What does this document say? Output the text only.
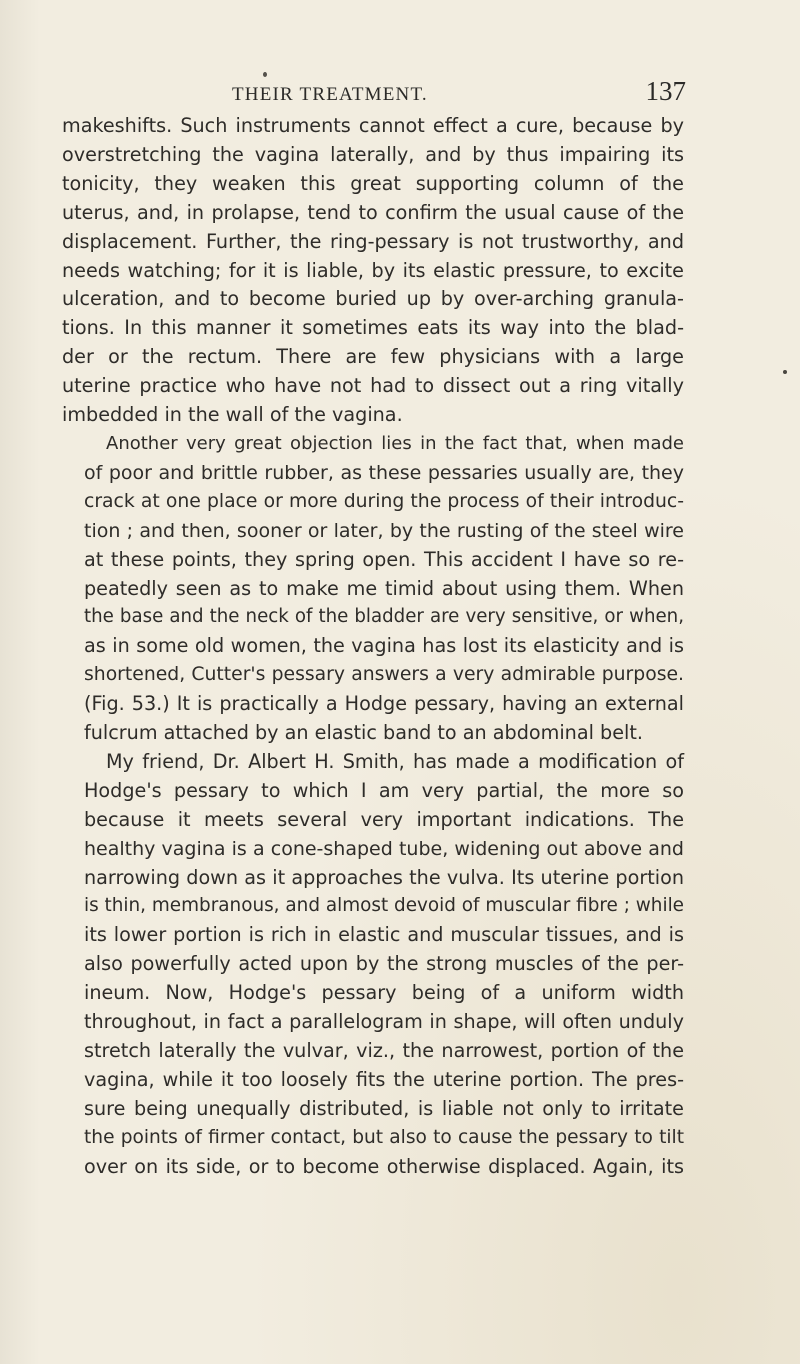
THEIR TREATMENT.	137

makeshifts. Such instruments cannot effect a cure, because by
overstretching the vagina laterally, and by thus impairing its
tonicity, they weaken this great supporting column of the
uterus, and, in prolapse, tend to confirm the usual cause of the
displacement. Further, the ring-pessary is not trustworthy, and
needs watching; for it is liable, by its elastic pressure, to excite
ulceration, and to become buried up by over-arching granula-
tions. In this manner it sometimes eats its way into the blad-
der or the rectum. There are few physicians with a large
uterine practice who have not had to dissect out a ring vitally
imbedded in the wall of the vagina.

Another very great objection lies in the fact that, when made
of poor and brittle rubber, as these pessaries usually are, they
crack at one place or more during the process of their introduc-
tion ; and then, sooner or later, by the rusting of the steel wire
at these points, they spring open. This accident I have so re-
peatedly seen as to make me timid about using them. When
the base and the neck of the bladder are very sensitive, or when,
as in some old women, the vagina has lost its elasticity and is
shortened, Cutter's pessary answers a very admirable purpose.
(Fig. 53.) It is practically a Hodge pessary, having an external
fulcrum attached by an elastic band to an abdominal belt.

My friend, Dr. Albert H. Smith, has made a modification of
Hodge's pessary to which I am very partial, the more so
because it meets several very important indications. The
healthy vagina is a cone-shaped tube, widening out above and
narrowing down as it approaches the vulva. Its uterine portion
is thin, membranous, and almost devoid of muscular fibre ; while
its lower portion is rich in elastic and muscular tissues, and is
also powerfully acted upon by the strong muscles of the per-
ineum. Now, Hodge's pessary being of a uniform width
throughout, in fact a parallelogram in shape, will often unduly
stretch laterally the vulvar, viz., the narrowest, portion of the
vagina, while it too loosely fits the uterine portion. The pres-
sure being unequally distributed, is liable not only to irritate
the points of firmer contact, but also to cause the pessary to tilt
over on its side, or to become otherwise displaced. Again, its
